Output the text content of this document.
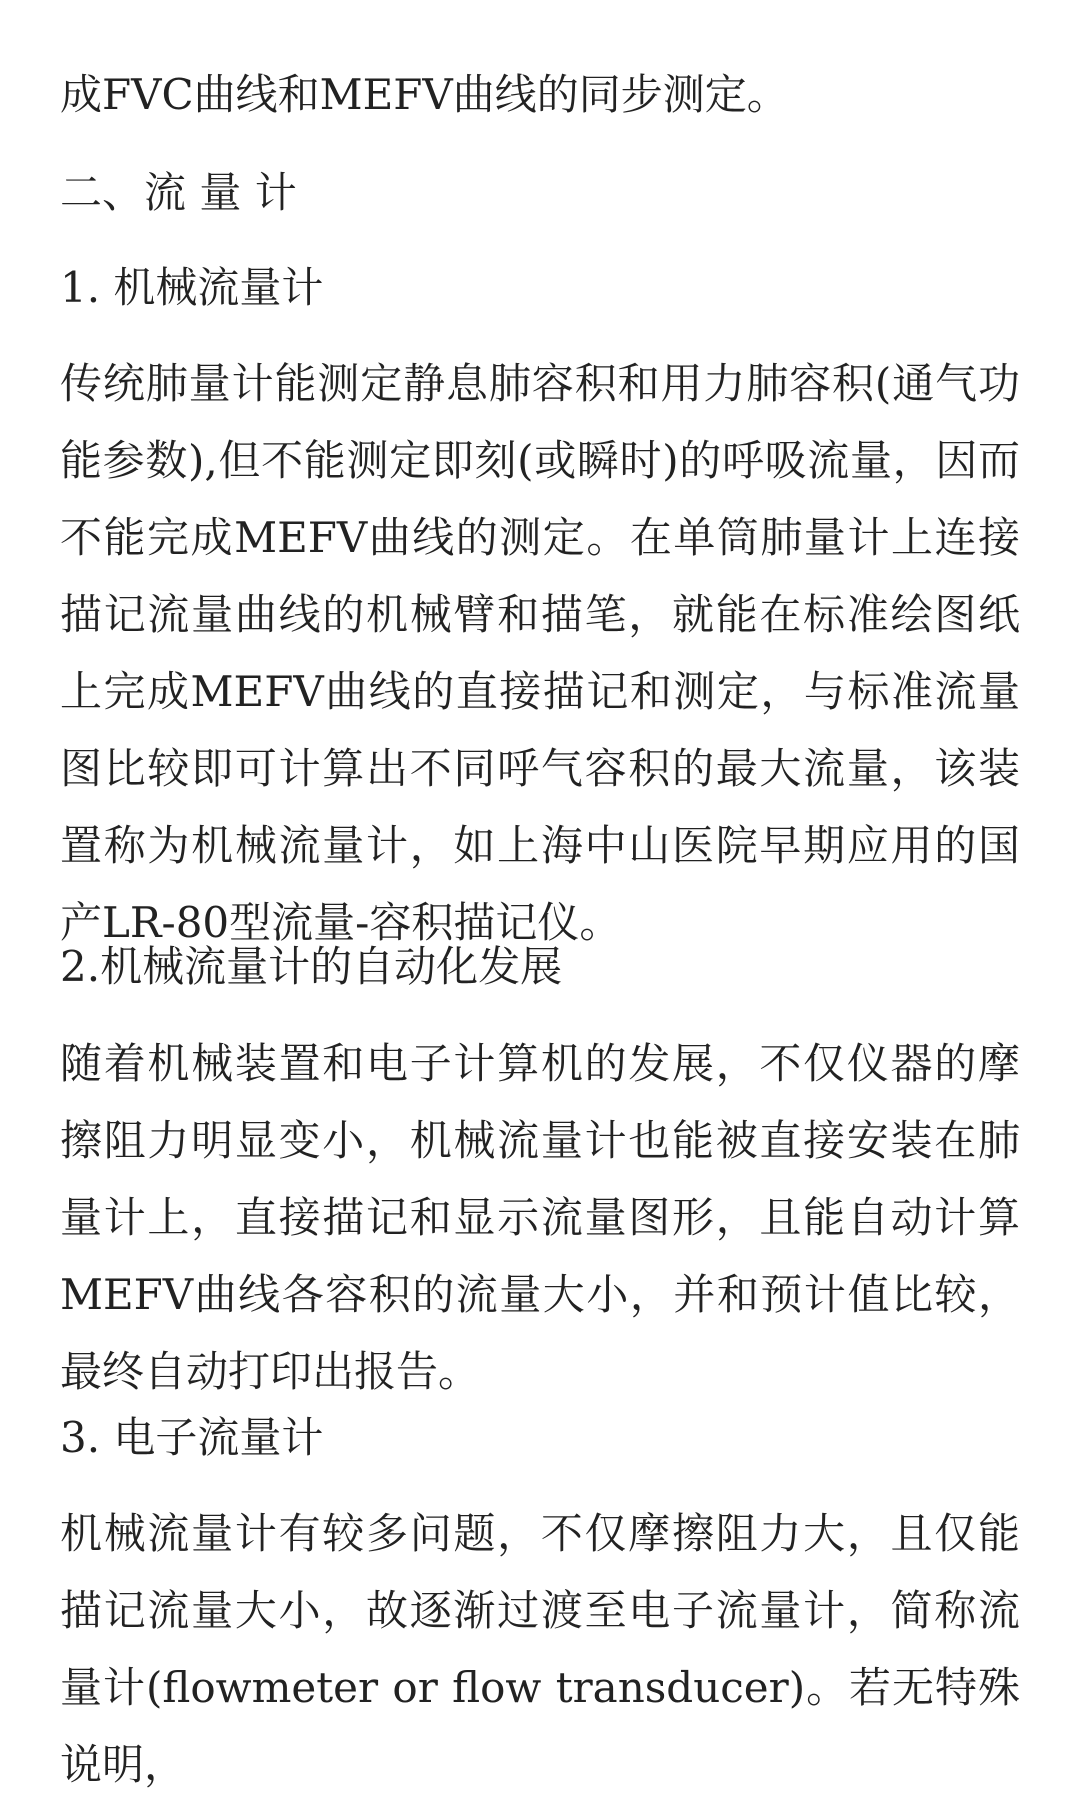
成FVC曲线和MEFV曲线的同步测定。
二、流 量 计
1. 机械流量计

传统肺量计能测定静息肺容积和用力肺容积(通气功能参数),但不能测定即刻(或瞬时)的呼吸流量，因而不能完成MEFV曲线的测定。在单筒肺量计上连接描记流量曲线的机械臂和描笔，就能在标准绘图纸上完成MEFV曲线的直接描记和测定，与标准流量图比较即可计算出不同呼气容积的最大流量，该装置称为机械流量计，如上海中山医院早期应用的国产LR-80型流量-容积描记仪。

2.机械流量计的自动化发展

随着机械装置和电子计算机的发展，不仅仪器的摩擦阻力明显变小，机械流量计也能被直接安装在肺量计上，直接描记和显示流量图形，且能自动计算MEFV曲线各容积的流量大小，并和预计值比较，最终自动打印出报告。

3. 电子流量计

机械流量计有较多问题，不仅摩擦阻力大，且仅能描记流量大小，故逐渐过渡至电子流量计，简称流量计(flowmeter or flow transducer)。若无特殊说明，
